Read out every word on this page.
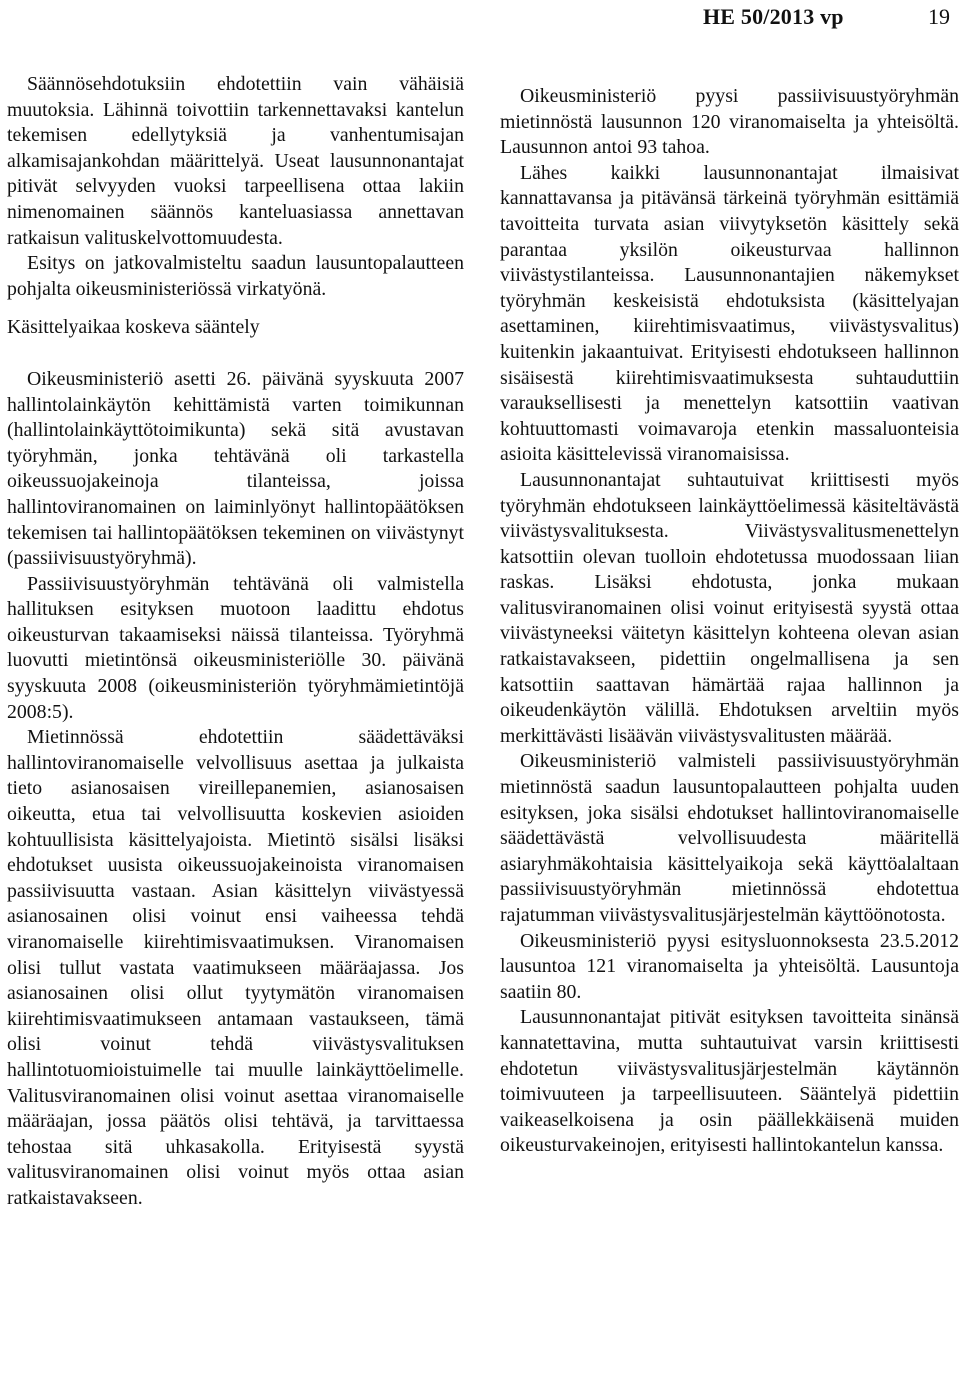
HE 50/2013 vp	19

Säännösehdotuksiin ehdotettiin vain vähäisiä muutoksia. Lähinnä toivottiin tarkennettavaksi kantelun tekemisen edellytyksiä ja vanhentumisajan alkamisajankohdan määrittelyä. Useat lausunnonantajat pitivät selvyyden vuoksi tarpeellisena ottaa lakiin nimenomainen säännös kanteluasiassa annettavan ratkaisun valituskelvottomuudesta.

Esitys on jatkovalmisteltu saadun lausuntopalautteen pohjalta oikeusministeriössä virkatyönä.

Käsittelyaikaa koskeva sääntely

Oikeusministeriö asetti 26. päivänä syyskuuta 2007 hallintolainkäytön kehittämistä varten toimikunnan (hallintolainkäyttötoimikunta) sekä sitä avustavan työryhmän, jonka tehtävänä oli tarkastella oikeussuojakeinoja tilanteissa, joissa hallintoviranomainen on laiminlyönyt hallintopäätöksen tekemisen tai hallintopäätöksen tekeminen on viivästynyt (passiivisuustyöryhmä).

Passiivisuustyöryhmän tehtävänä oli valmistella hallituksen esityksen muotoon laadittu ehdotus oikeusturvan takaamiseksi näissä tilanteissa. Työryhmä luovutti mietintönsä oikeusministeriölle 30. päivänä syyskuuta 2008 (oikeusministeriön työryhmämietintöjä 2008:5).

Mietinnössä ehdotettiin säädettäväksi hallintoviranomaiselle velvollisuus asettaa ja julkaista tieto asianosaisen vireillepanemien, asianosaisen oikeutta, etua tai velvollisuutta koskevien asioiden kohtuullisista käsittelyajoista. Mietintö sisälsi lisäksi ehdotukset uusista oikeussuojakeinoista viranomaisen passiivisuutta vastaan. Asian käsittelyn viivästyessä asianosainen olisi voinut ensi vaiheessa tehdä viranomaiselle kiirehtimisvaatimuksen. Viranomaisen olisi tullut vastata vaatimukseen määräajassa. Jos asianosainen olisi ollut tyytymätön viranomaisen kiirehtimisvaatimukseen antamaan vastaukseen, tämä olisi voinut tehdä viivästysvalituksen hallintotuomioistuimelle tai muulle lainkäyttöelimelle. Valitusviranomainen olisi voinut asettaa viranomaiselle määräajan, jossa päätös olisi tehtävä, ja tarvittaessa tehostaa sitä uhkasakolla. Erityisestä syystä valitusviranomainen olisi voinut myös ottaa asian ratkaistavakseen.

Oikeusministeriö pyysi passiivisuustyöryhmän mietinnöstä lausunnon 120 viranomaiselta ja yhteisöltä. Lausunnon antoi 93 tahoa.

Lähes kaikki lausunnonantajat ilmaisivat kannattavansa ja pitävänsä tärkeinä työryhmän esittämiä tavoitteita turvata asian viivytyksetön käsittely sekä parantaa yksilön oikeusturvaa hallinnon viivästystilanteissa. Lausunnonantajien näkemykset työryhmän keskeisistä ehdotuksista (käsittelyajan asettaminen, kiirehtimisvaatimus, viivästysvalitus) kuitenkin jakaantuivat. Erityisesti ehdotukseen hallinnon sisäisestä kiirehtimisvaatimuksesta suhtauduttiin varauksellisesti ja menettelyn katsottiin vaativan kohtuuttomasti voimavaroja etenkin massaluonteisia asioita käsittelevissä viranomaisissa.

Lausunnonantajat suhtautuivat kriittisesti myös työryhmän ehdotukseen lainkäyttöelimessä käsiteltävästä viivästysvalituksesta. Viivästysvalitusmenettelyn katsottiin olevan tuolloin ehdotetussa muodossaan liian raskas. Lisäksi ehdotusta, jonka mukaan valitusviranomainen olisi voinut erityisestä syystä ottaa viivästyneeksi väitetyn käsittelyn kohteena olevan asian ratkaistavakseen, pidettiin ongelmallisena ja sen katsottiin saattavan hämärtää rajaa hallinnon ja oikeudenkäytön välillä. Ehdotuksen arveltiin myös merkittävästi lisäävän viivästysvalitusten määrää.

Oikeusministeriö valmisteli passiivisuustyöryhmän mietinnöstä saadun lausuntopalautteen pohjalta uuden esityksen, joka sisälsi ehdotukset hallintoviranomaiselle säädettävästä velvollisuudesta määritellä asiaryhmäkohtaisia käsittelyaikoja sekä käyttöalaltaan passiivisuustyöryhmän mietinnössä ehdotettua rajatumman viivästysvalitusjärjestelmän käyttöönotosta.

Oikeusministeriö pyysi esitysluonnoksesta 23.5.2012 lausuntoa 121 viranomaiselta ja yhteisöltä. Lausuntoja saatiin 80.

Lausunnonantajat pitivät esityksen tavoitteita sinänsä kannatettavina, mutta suhtautuivat varsin kriittisesti ehdotetun viivästysvalitusjärjestelmän käytännön toimivuuteen ja tarpeellisuuteen. Sääntelyä pidettiin vaikeaselkoisena ja osin päällekkäisenä muiden oikeusturvakeinojen, erityisesti hallintokantelun kanssa.
